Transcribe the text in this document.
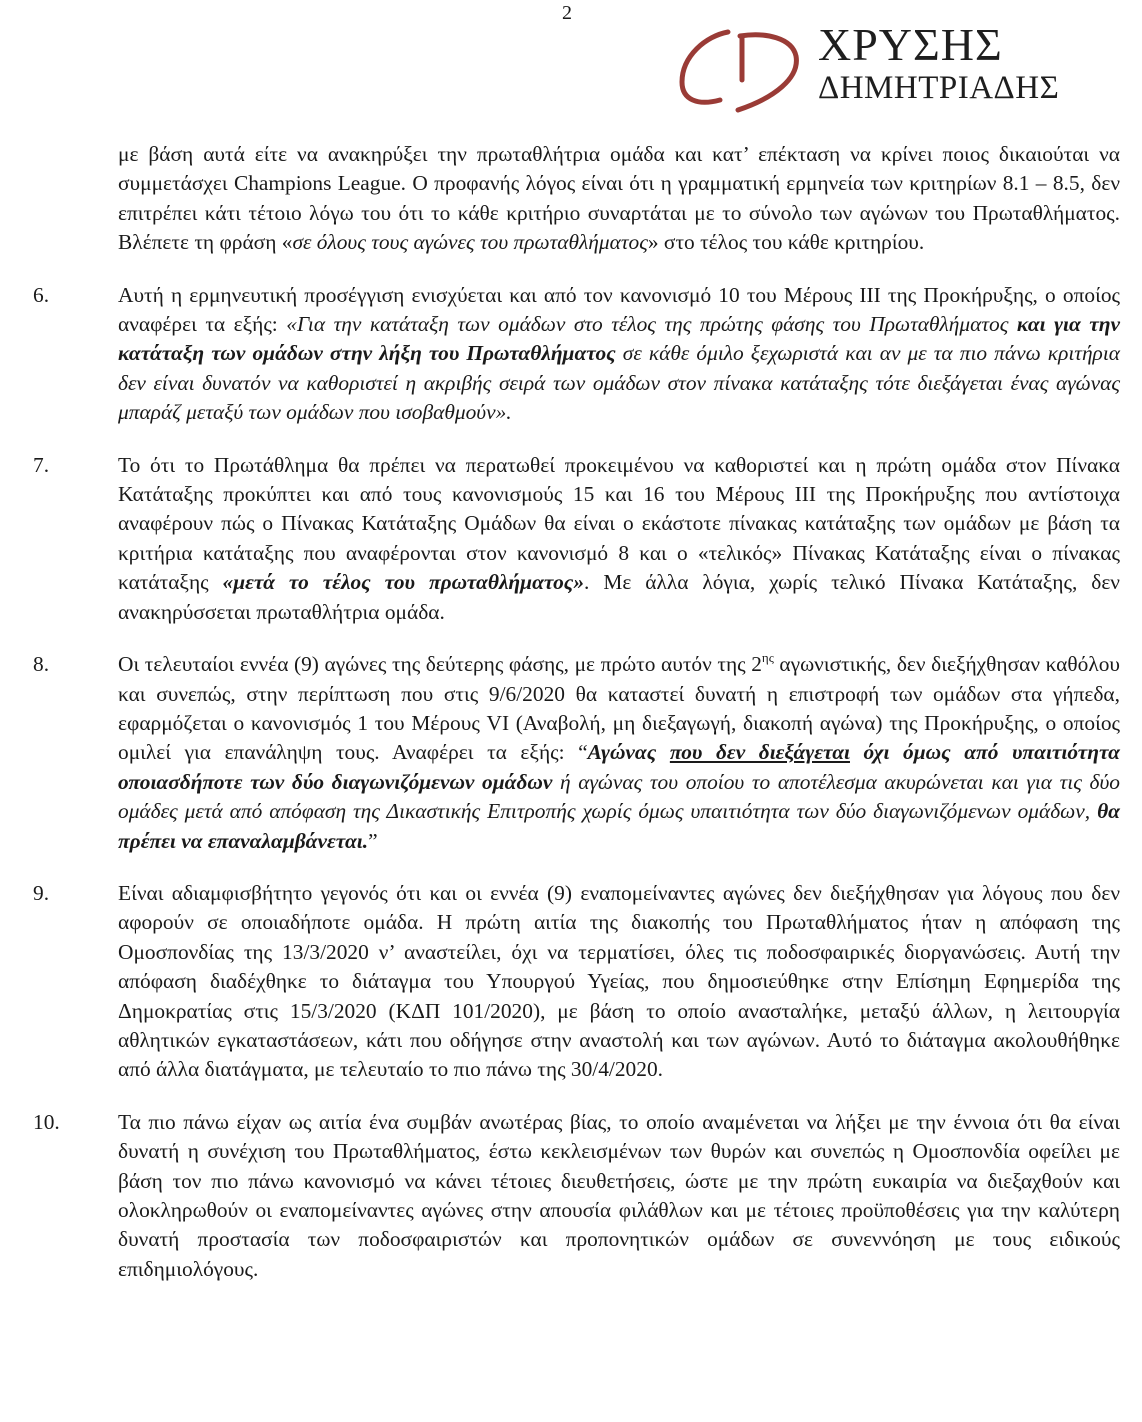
2
ΧΡΥΣΗΣ
ΔΗΜΗΤΡΙΑΔΗΣ
με βάση αυτά είτε να ανακηρύξει την πρωταθλήτρια ομάδα και κατ’ επέκταση να κρίνει ποιος δικαιούται να συμμετάσχει Champions League. Ο προφανής λόγος είναι ότι η γραμματική ερμηνεία των κριτηρίων 8.1 – 8.5, δεν επιτρέπει κάτι τέτοιο λόγω του ότι το κάθε κριτήριο συναρτάται με το σύνολο των αγώνων του Πρωταθλήματος. Βλέπετε τη φράση «σε όλους τους αγώνες του πρωταθλήματος» στο τέλος του κάθε κριτηρίου.
6.	Αυτή η ερμηνευτική προσέγγιση ενισχύεται και από τον κανονισμό 10 του Μέρους ΙΙΙ της Προκήρυξης, ο οποίος αναφέρει τα εξής: «Για την κατάταξη των ομάδων στο τέλος της πρώτης φάσης του Πρωταθλήματος και για την κατάταξη των ομάδων στην λήξη του Πρωταθλήματος σε κάθε όμιλο ξεχωριστά και αν με τα πιο πάνω κριτήρια δεν είναι δυνατόν να καθοριστεί η ακριβής σειρά των ομάδων στον πίνακα κατάταξης τότε διεξάγεται ένας αγώνας μπαράζ μεταξύ των ομάδων που ισοβαθμούν».
7.	Το ότι το Πρωτάθλημα θα πρέπει να περατωθεί προκειμένου να καθοριστεί και η πρώτη ομάδα στον Πίνακα Κατάταξης προκύπτει και από τους κανονισμούς 15 και 16 του Μέρους ΙΙΙ της Προκήρυξης που αντίστοιχα αναφέρουν πώς ο Πίνακας Κατάταξης Ομάδων θα είναι ο εκάστοτε πίνακας κατάταξης των ομάδων με βάση τα κριτήρια κατάταξης που αναφέρονται στον κανονισμό 8 και ο «τελικός» Πίνακας Κατάταξης είναι ο πίνακας κατάταξης «μετά το τέλος του πρωταθλήματος». Με άλλα λόγια, χωρίς τελικό Πίνακα Κατάταξης, δεν ανακηρύσσεται πρωταθλήτρια ομάδα.
8.	Οι τελευταίοι εννέα (9) αγώνες της δεύτερης φάσης, με πρώτο αυτόν της $2^{\eta\varsigma}$ αγωνιστικής, δεν διεξήχθησαν καθόλου και συνεπώς, στην περίπτωση που στις 9/6/2020 θα καταστεί δυνατή η επιστροφή των ομάδων στα γήπεδα, εφαρμόζεται ο κανονισμός 1 του Μέρους VI (Αναβολή, μη διεξαγωγή, διακοπή αγώνα) της Προκήρυξης, ο οποίος ομιλεί για επανάληψη τους. Αναφέρει τα εξής: “Αγώνας που δεν διεξάγεται όχι όμως από υπαιτιότητα οποιασδήποτε των δύο διαγωνιζόμενων ομάδων ή αγώνας του οποίου το αποτέλεσμα ακυρώνεται και για τις δύο ομάδες μετά από απόφαση της Δικαστικής Επιτροπής χωρίς όμως υπαιτιότητα των δύο διαγωνιζόμενων ομάδων, θα πρέπει να επαναλαμβάνεται.”
9.	Είναι αδιαμφισβήτητο γεγονός ότι και οι εννέα (9) εναπομείναντες αγώνες δεν διεξήχθησαν για λόγους που δεν αφορούν σε οποιαδήποτε ομάδα. Η πρώτη αιτία της διακοπής του Πρωταθλήματος ήταν η απόφαση της Ομοσπονδίας της 13/3/2020 ν’ αναστείλει, όχι να τερματίσει, όλες τις ποδοσφαιρικές διοργανώσεις. Αυτή την απόφαση διαδέχθηκε το διάταγμα του Υπουργού Υγείας, που δημοσιεύθηκε στην Επίσημη Εφημερίδα της Δημοκρατίας στις 15/3/2020 (ΚΔΠ 101/2020), με βάση το οποίο ανασταλήκε, μεταξύ άλλων, η λειτουργία αθλητικών εγκαταστάσεων, κάτι που οδήγησε στην αναστολή και των αγώνων. Αυτό το διάταγμα ακολουθήθηκε από άλλα διατάγματα, με τελευταίο το πιο πάνω της 30/4/2020.
10.	Τα πιο πάνω είχαν ως αιτία ένα συμβάν ανωτέρας βίας, το οποίο αναμένεται να λήξει με την έννοια ότι θα είναι δυνατή η συνέχιση του Πρωταθλήματος, έστω κεκλεισμένων των θυρών και συνεπώς η Ομοσπονδία οφείλει με βάση τον πιο πάνω κανονισμό να κάνει τέτοιες διευθετήσεις, ώστε με την πρώτη ευκαιρία να διεξαχθούν και ολοκληρωθούν οι εναπομείναντες αγώνες στην απουσία φιλάθλων και με τέτοιες προϋποθέσεις για την καλύτερη δυνατή προστασία των ποδοσφαιριστών και προπονητικών ομάδων σε συνεννόηση με τους ειδικούς επιδημιολόγους.
